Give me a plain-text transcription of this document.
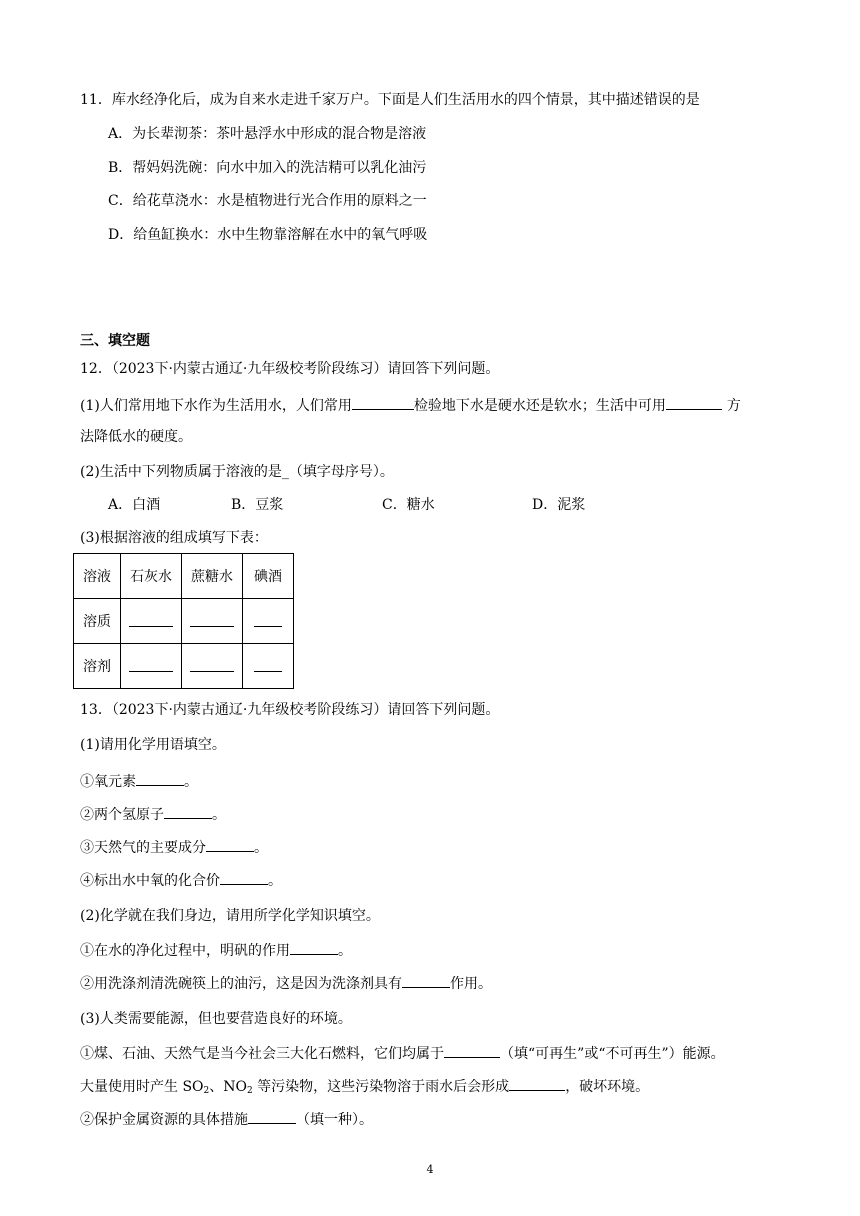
11．库水经净化后，成为自来水走进千家万户。下面是人们生活用水的四个情景，其中描述错误的是
A．为长辈沏茶：茶叶悬浮水中形成的混合物是溶液
B．帮妈妈洗碗：向水中加入的洗洁精可以乳化油污
C．给花草浇水：水是植物进行光合作用的原料之一
D．给鱼缸换水：水中生物靠溶解在水中的氧气呼吸
三、填空题
12．（2023下·内蒙古通辽·九年级校考阶段练习）请回答下列问题。
(1)人们常用地下水作为生活用水，人们常用	检验地下水是硬水还是软水；生活中可用	方
法降低水的硬度。
(2)生活中下列物质属于溶液的是_（填字母序号）。
A．白酒	B．豆浆	C．糖水	D．泥浆
(3)根据溶液的组成填写下表：
溶液	石灰水	蔗糖水	碘酒
溶质			
溶剂			
13．（2023下·内蒙古通辽·九年级校考阶段练习）请回答下列问题。
(1)请用化学用语填空。
①氧元素	。
②两个氢原子	。
③天然气的主要成分	。
④标出水中氧的化合价	。
(2)化学就在我们身边，请用所学化学知识填空。
①在水的净化过程中，明矾的作用	。
②用洗涤剂清洗碗筷上的油污，这是因为洗涤剂具有	作用。
(3)人类需要能源，但也要营造良好的环境。
①煤、石油、天然气是当今社会三大化石燃料，它们均属于	（填“可再生”或“不可再生”）能源。
大量使用时产生 $SO_2$、$NO_2$ 等污染物，这些污染物溶于雨水后会形成	，破坏环境。
②保护金属资源的具体措施	（填一种）。
4
